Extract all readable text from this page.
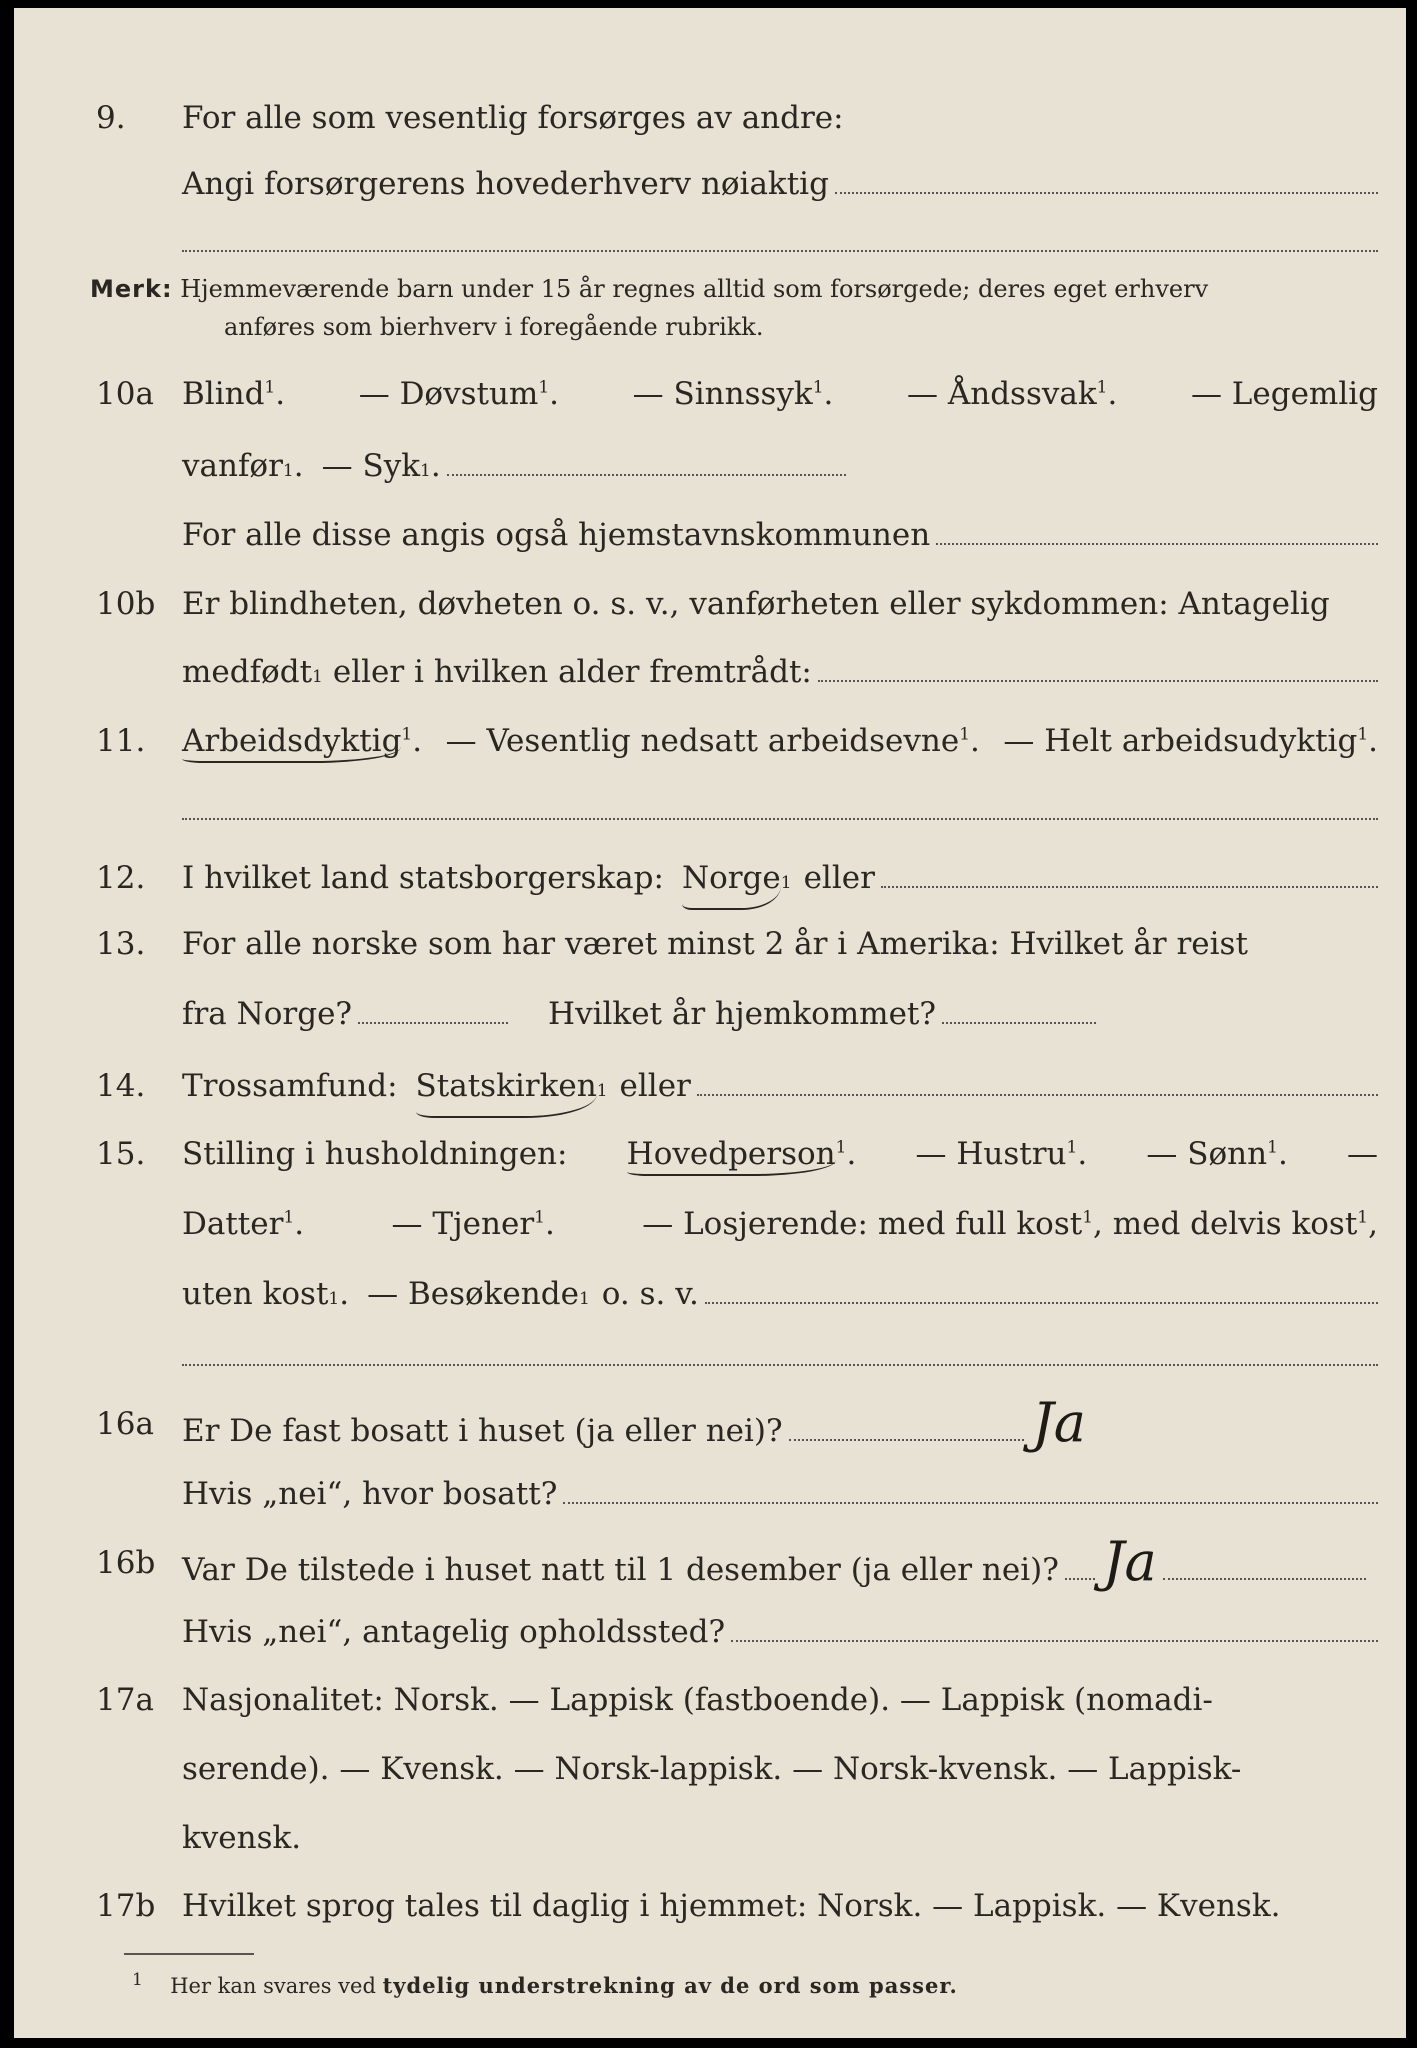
9. For alle som vesentlig forsørges av andre:
Angi forsørgerens hovederhverv nøiaktig
Merk: Hjemmeværende barn under 15 år regnes alltid som forsørgede; deres eget erhverv
anføres som bierhverv i foregående rubrikk.
10a Blind$^1$. — Døvstum$^1$. — Sinnssyk$^1$. — Åndssvak$^1$. — Legemlig
vanfør 1 . — Syk 1 .
For alle disse angis også hjemstavnskommunen
10b Er blindheten, døvheten o. s. v., vanførheten eller sykdommen: Antagelig
medfødt 1 eller i hvilken alder fremtrådt:
11. Arbeidsdyktig$^1$. — Vesentlig nedsatt arbeidsevne$^1$. — Helt arbeidsudyktig$^1$.
12. I hvilket land statsborgerskap: Norge 1 eller
13. For alle norske som har været minst 2 år i Amerika: Hvilket år reist
fra Norge?	Hvilket år hjemkommet?
14. Trossamfund: Statskirken 1 eller
15. Stilling i husholdningen: Hovedperson$^1$. — Hustru$^1$. — Sønn$^1$. —
Datter$^1$.	— Tjener$^1$.	— Losjerende: med full kost$^1$, med delvis kost$^1$,
uten kost 1 . — Besøkende 1 o. s. v.
16a Er De fast bosatt i huset (ja eller nei)?	Ja
Hvis „nei“, hvor bosatt?
16b Var De tilstede i huset natt til 1 desember (ja eller nei)? Ja
Hvis „nei“, antagelig opholdssted?
17a Nasjonalitet: Norsk. — Lappisk (fastboende). — Lappisk (nomadi-
serende). — Kvensk. — Norsk-lappisk. — Norsk-kvensk. — Lappisk-
kvensk.
17b Hvilket sprog tales til daglig i hjemmet: Norsk. — Lappisk. — Kvensk.
$^1$ Her kan svares ved tydelig understrekning av de ord som passer.
